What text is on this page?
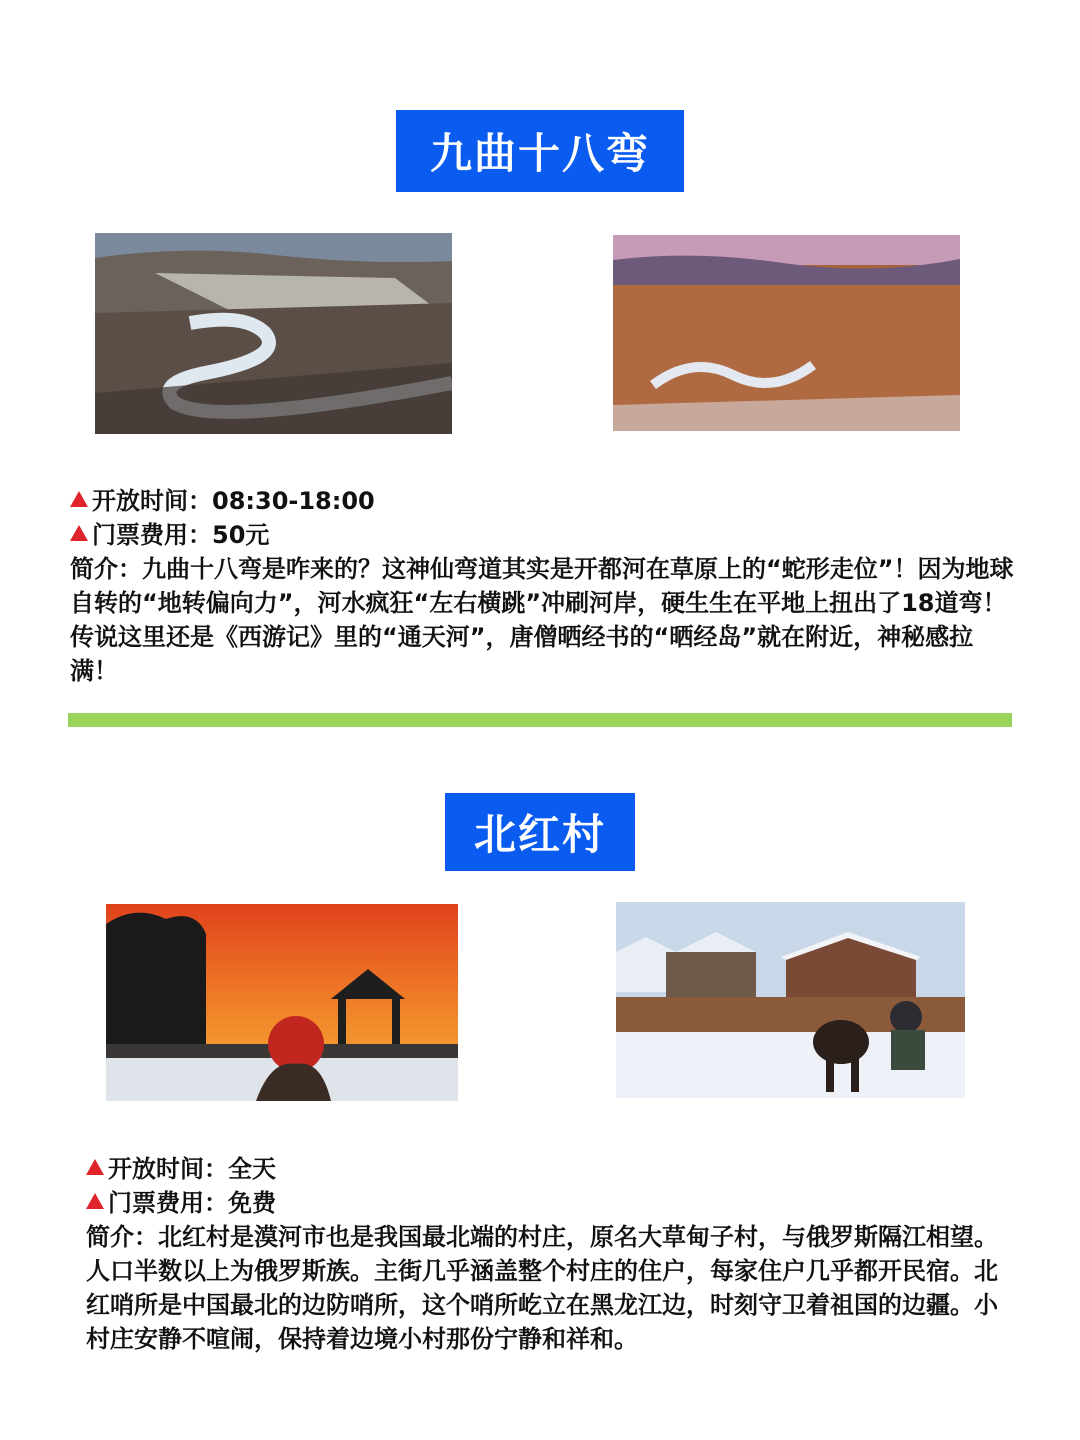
九曲十八弯
开放时间：08:30-18:00
门票费用：50元
简介：九曲十八弯是咋来的？这神仙弯道其实是开都河在草原上的“蛇形走位”！因为地球自转的“地转偏向力”，河水疯狂“左右横跳”冲刷河岸，硬生生在平地上扭出了18道弯！传说这里还是《西游记》里的“通天河”，唐僧晒经书的“晒经岛”就在附近，神秘感拉满！
北红村
开放时间：全天
门票费用：免费
简介：北红村是漠河市也是我国最北端的村庄，原名大草甸子村，与俄罗斯隔江相望。人口半数以上为俄罗斯族。主街几乎涵盖整个村庄的住户，每家住户几乎都开民宿。北红哨所是中国最北的边防哨所，这个哨所屹立在黑龙江边，时刻守卫着祖国的边疆。小村庄安静不喧闹，保持着边境小村那份宁静和祥和。
